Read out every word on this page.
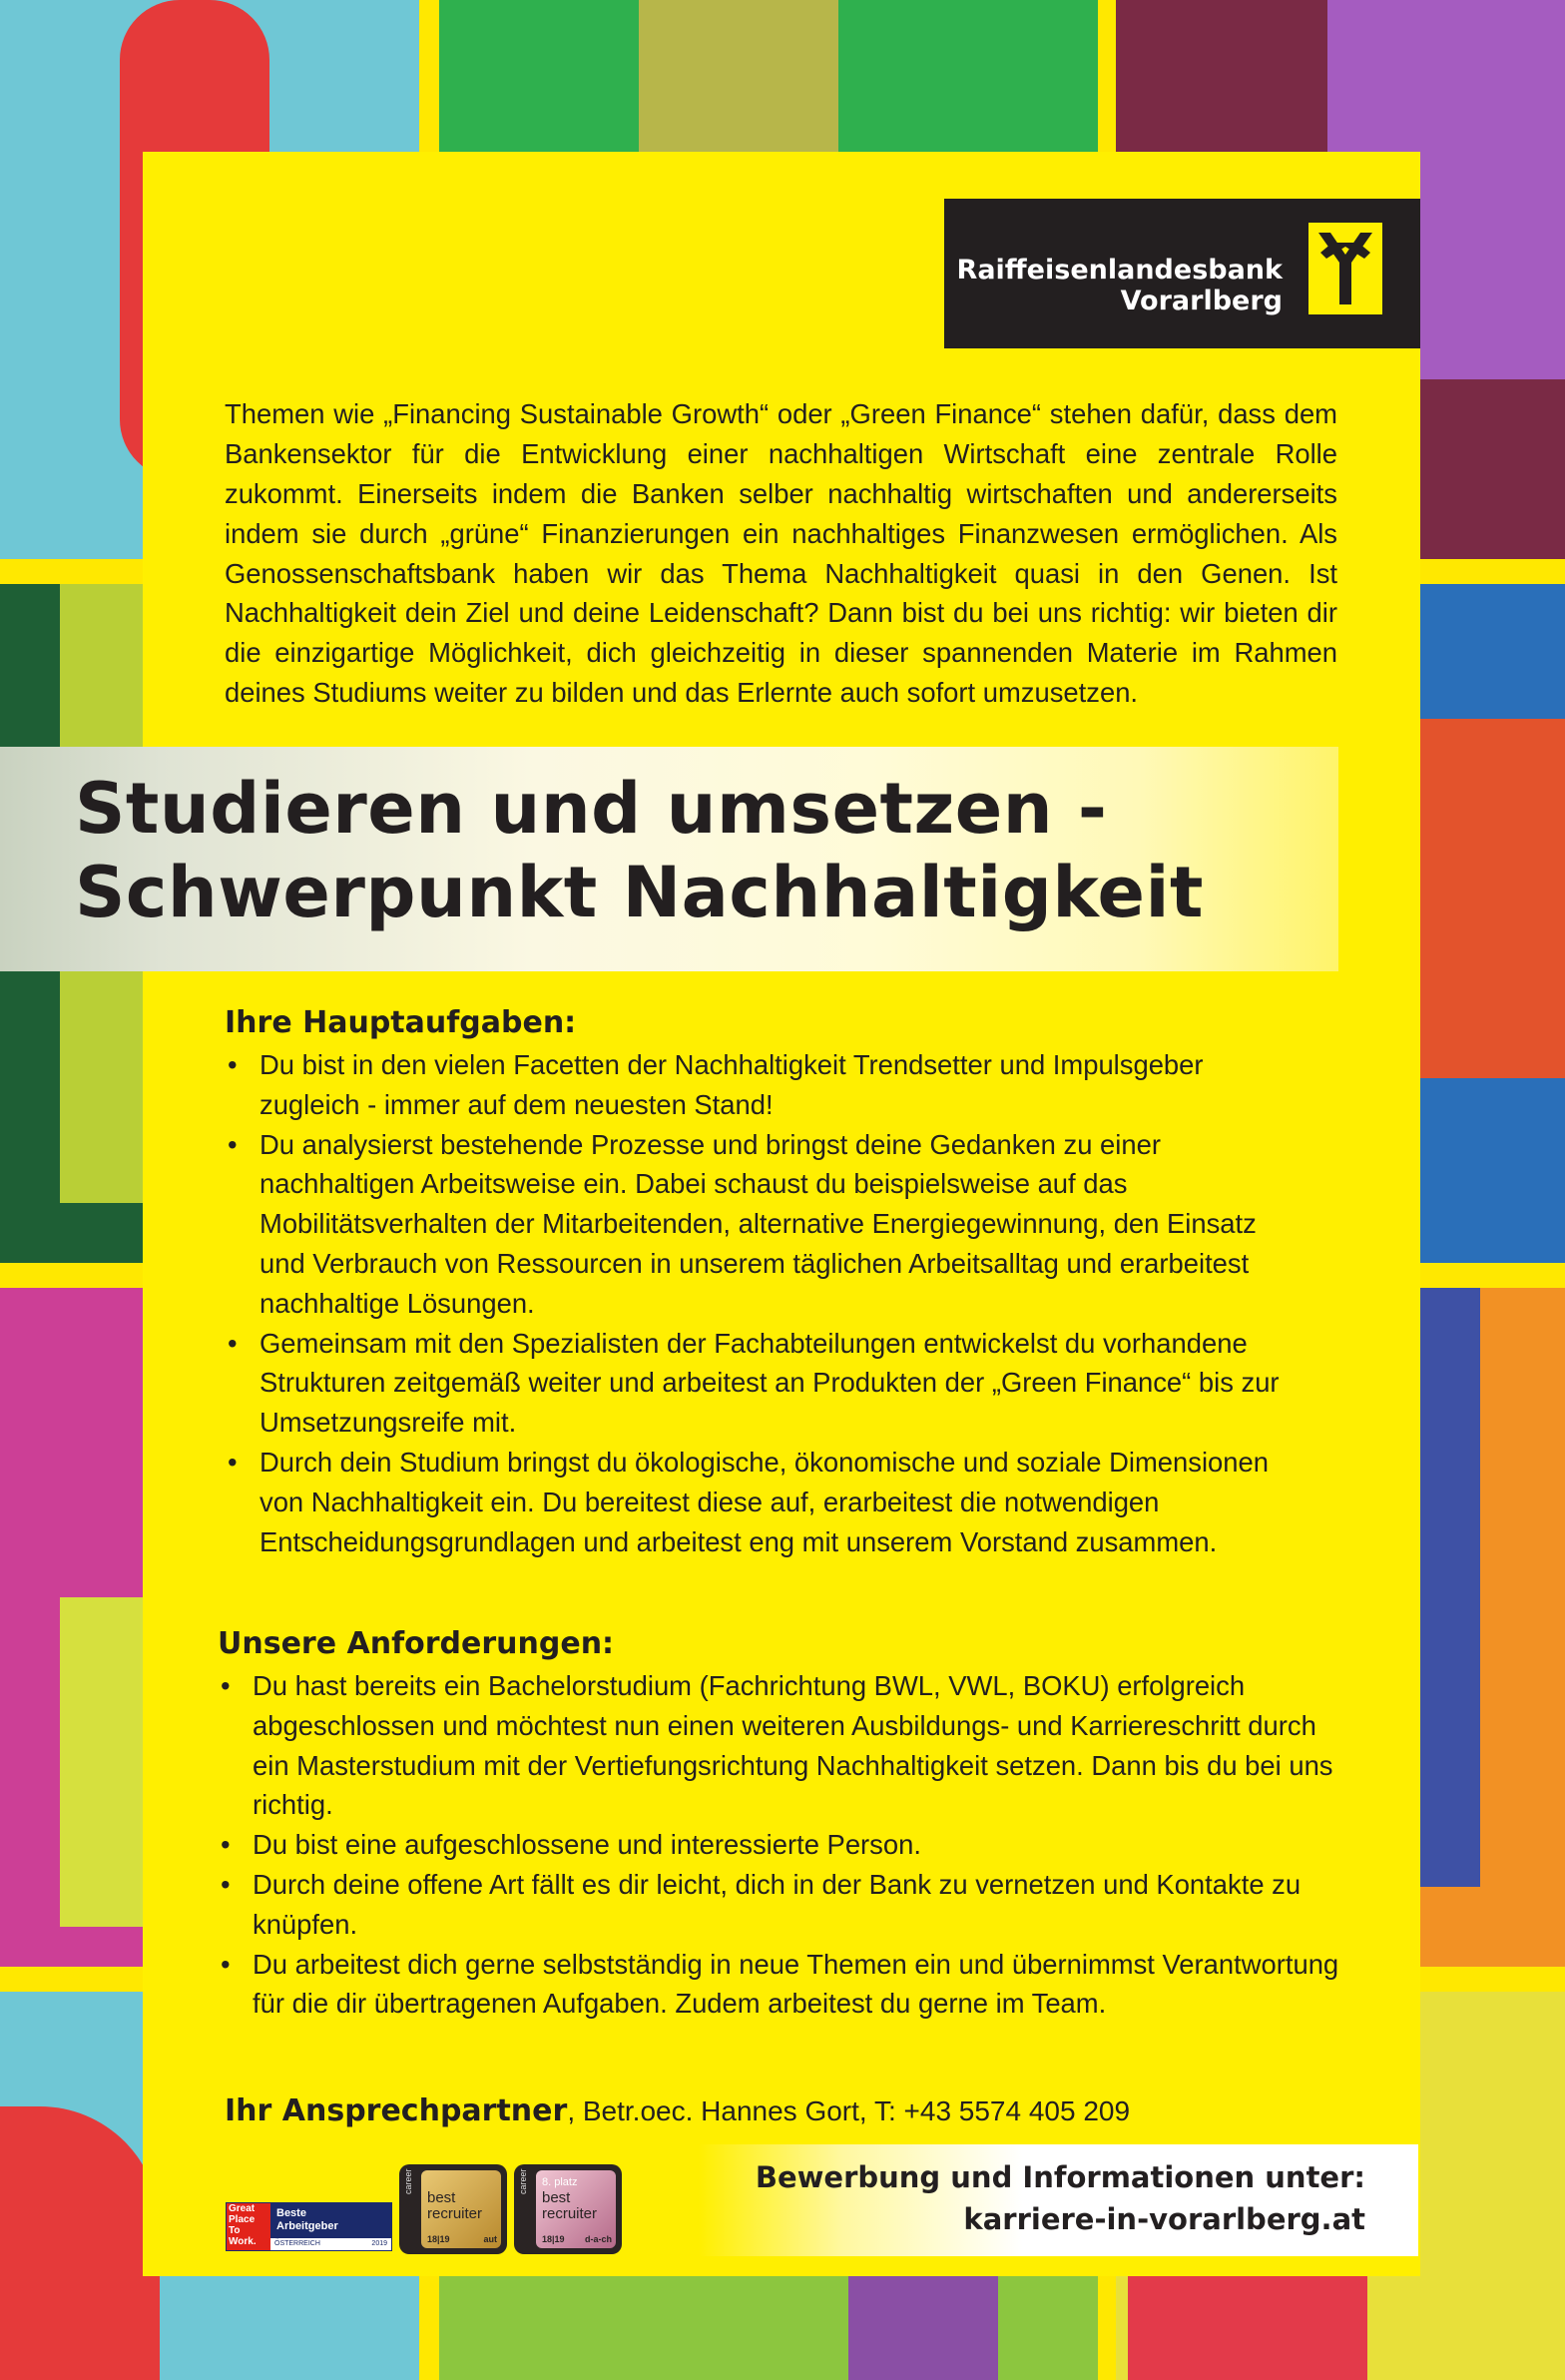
Raiffeisenlandesbank
Vorarlberg

Themen wie „Financing Sustainable Growth“ oder „Green Finance“ stehen dafür, dass dem Bankensektor für die Entwicklung einer nachhaltigen Wirtschaft eine zentrale Rolle zukommt. Einerseits indem die Banken selber nachhaltig wirtschaften und andererseits indem sie durch „grüne“ Finanzierungen ein nachhaltiges Finanzwesen ermöglichen. Als Genossenschaftsbank haben wir das Thema Nachhaltigkeit quasi in den Genen. Ist Nachhaltigkeit dein Ziel und deine Leidenschaft? Dann bist du bei uns richtig: wir bieten dir die einzigartige Möglichkeit, dich gleichzeitig in dieser spannenden Materie im Rahmen deines Studiums weiter zu bilden und das Erlernte auch sofort umzusetzen.

Studieren und umsetzen -
Schwerpunkt Nachhaltigkeit
Ihre Hauptaufgaben:
• Du bist in den vielen Facetten der Nachhaltigkeit Trendsetter und Impulsgeber zugleich - immer auf dem neuesten Stand!
• Du analysierst bestehende Prozesse und bringst deine Gedanken zu einer nachhaltigen Arbeitsweise ein. Dabei schaust du beispielsweise auf das Mobilitätsverhalten der Mitarbeitenden, alternative Energiegewinnung, den Einsatz und Verbrauch von Ressourcen in unserem täglichen Arbeitsalltag und erarbeitest nachhaltige Lösungen.
• Gemeinsam mit den Spezialisten der Fachabteilungen entwickelst du vorhandene Strukturen zeitgemäß weiter und arbeitest an Produkten der „Green Finance“ bis zur Umsetzungsreife mit.
• Durch dein Studium bringst du ökologische, ökonomische und soziale Dimensionen von Nachhaltigkeit ein. Du bereitest diese auf, erarbeitest die notwendigen Entscheidungsgrundlagen und arbeitest eng mit unserem Vorstand zusammen.
Unsere Anforderungen:
• Du hast bereits ein Bachelorstudium (Fachrichtung BWL, VWL, BOKU) erfolgreich abgeschlossen und möchtest nun einen weiteren Ausbildungs- und Karriereschritt durch ein Masterstudium mit der Vertiefungsrichtung Nachhaltigkeit setzen. Dann bis du bei uns richtig.
• Du bist eine aufgeschlossene und interessierte Person.
• Durch deine offene Art fällt es dir leicht, dich in der Bank zu vernetzen und Kontakte zu knüpfen.
• Du arbeitest dich gerne selbstständig in neue Themen ein und übernimmst Verantwortung für die dir übertragenen Aufgaben. Zudem arbeitest du gerne im Team.
Ihr Ansprechpartner, Betr.oec. Hannes Gort, T: +43 5574 405 209
Bewerbung und Informationen unter:
karriere-in-vorarlberg.at
Great
Place
To
Work.
Beste
Arbeitgeber
ÖSTERREICH	2019
career
best
recruiter
18|19	aut
career 8. platz
best
recruiter
18|19 d-a-ch
